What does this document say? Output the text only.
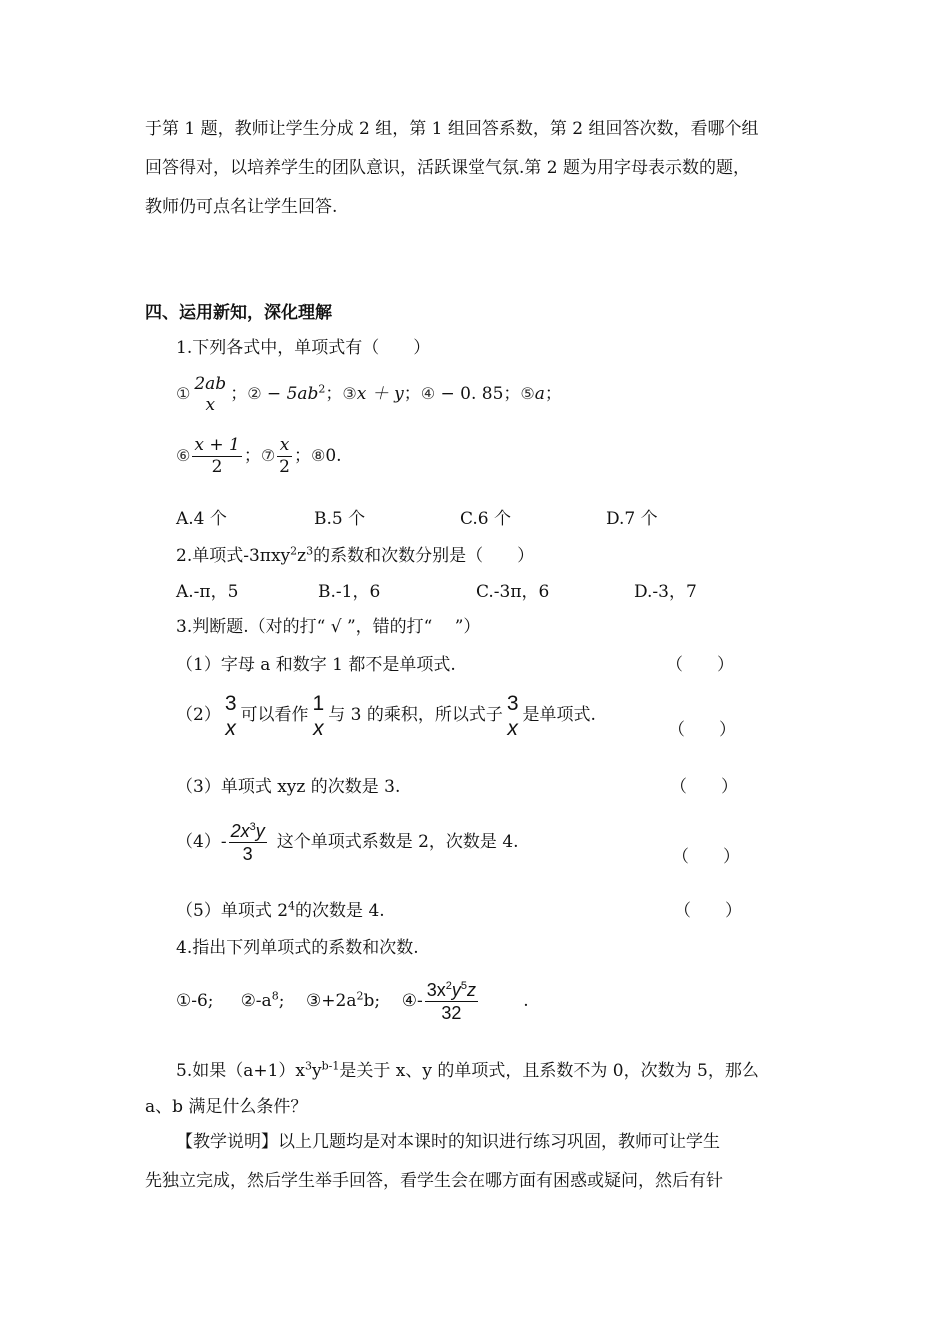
于第 1 题，教师让学生分成 2 组，第 1 组回答系数，第 2 组回答次数，看哪个组
回答得对，以培养学生的团队意识，活跃课堂气氛.第 2 题为用字母表示数的题，
教师仍可点名让学生回答.
四、运用新知，深化理解
1.下列各式中，单项式有（　　）
① 2ab
x
；② − $5ab^2$；③x ＋ y；④ − 0. 85；⑤a；
⑥ $\frac{x + 1}{2}$ ；⑦ $\frac{x}{2}$ ；⑧0.
A.4 个	B.5 个	C.6 个	D.7 个
2.单项式$-3\pi xy^2z^3$的系数和次数分别是（　　）
A.-π，5	B.-1，6	C.-3π，6	D.-3，7
3.判断题.（对的打“ √ ”，错的打“　 ”）
（1）字母 a 和数字 1 都不是单项式.	（　　）
（2）
3
x
可以看作
1
x
与 3 的乘积，所以式子
3
x
是单项式.
（　　）
（3）单项式 xyz 的次数是 3.	（　　）
$(4)- \frac{2x^3y}{3}$ 这个单项式系数是 2，次数是 4.
（　　）
（5）单项式 $2^4$的次数是 4.	（　　）
4.指出下列单项式的系数和次数.
①-6; $②-a^8$; $③+2a^2b$; ④- $\frac{3x^2y^5z}{32}$	.
5.如果$(a+1)x^3y^{b-1}$是关于 x、y 的单项式，且系数不为 0，次数为 5，那么
a、b 满足什么条件？
【教学说明】以上几题均是对本课时的知识进行练习巩固，教师可让学生
先独立完成，然后学生举手回答，看学生会在哪方面有困惑或疑问，然后有针
